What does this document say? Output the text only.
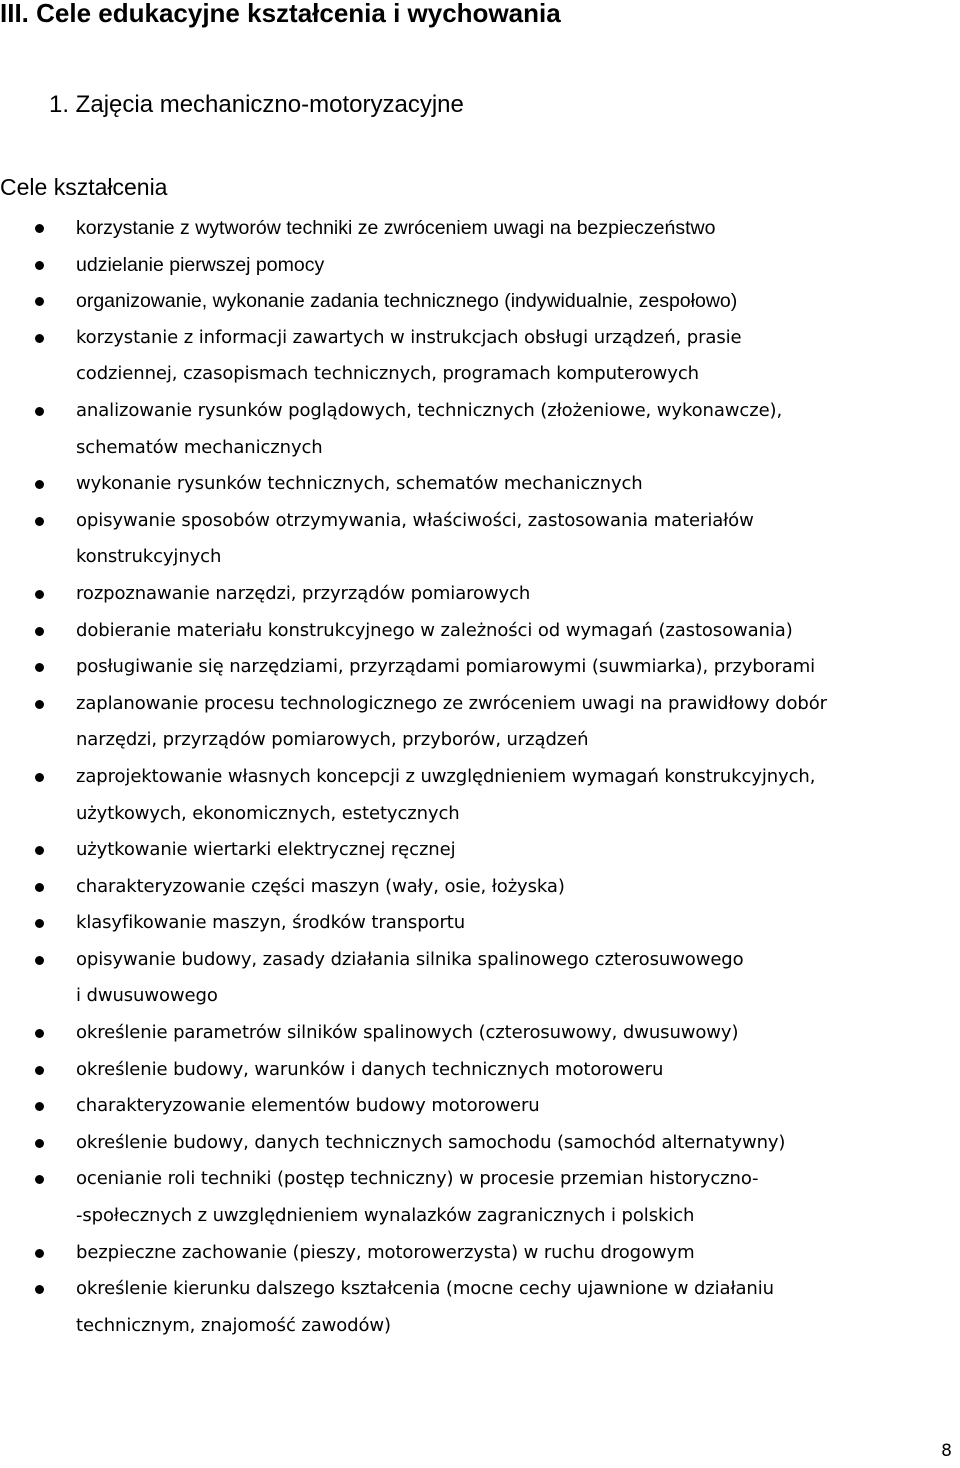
III. Cele edukacyjne kształcenia i wychowania
1. Zajęcia mechaniczno-motoryzacyjne
Cele kształcenia
korzystanie z wytworów techniki ze zwróceniem uwagi na bezpieczeństwo
udzielanie pierwszej pomocy
organizowanie, wykonanie zadania technicznego (indywidualnie, zespołowo)
korzystanie z informacji zawartych w instrukcjach obsługi urządzeń, prasie
codziennej, czasopismach technicznych, programach komputerowych
analizowanie rysunków poglądowych, technicznych (złożeniowe, wykonawcze),
schematów mechanicznych
wykonanie rysunków technicznych, schematów mechanicznych
opisywanie sposobów otrzymywania, właściwości, zastosowania materiałów
konstrukcyjnych
rozpoznawanie narzędzi, przyrządów pomiarowych
dobieranie materiału konstrukcyjnego w zależności od wymagań (zastosowania)
posługiwanie się narzędziami, przyrządami pomiarowymi (suwmiarka), przyborami
zaplanowanie procesu technologicznego ze zwróceniem uwagi na prawidłowy dobór
narzędzi, przyrządów pomiarowych, przyborów, urządzeń
zaprojektowanie własnych koncepcji z uwzględnieniem wymagań konstrukcyjnych,
użytkowych, ekonomicznych, estetycznych
użytkowanie wiertarki elektrycznej ręcznej
charakteryzowanie części maszyn (wały, osie, łożyska)
klasyfikowanie maszyn, środków transportu
opisywanie budowy, zasady działania silnika spalinowego czterosuwowego
i dwusuwowego
określenie parametrów silników spalinowych (czterosuwowy, dwusuwowy)
określenie budowy, warunków i danych technicznych motoroweru
charakteryzowanie elementów budowy motoroweru
określenie budowy, danych technicznych samochodu (samochód alternatywny)
ocenianie roli techniki (postęp techniczny) w procesie przemian historyczno-
-społecznych z uwzględnieniem wynalazków zagranicznych i polskich
bezpieczne zachowanie (pieszy, motorowerzysta) w ruchu drogowym
określenie kierunku dalszego kształcenia (mocne cechy ujawnione w działaniu
technicznym, znajomość zawodów)
8
